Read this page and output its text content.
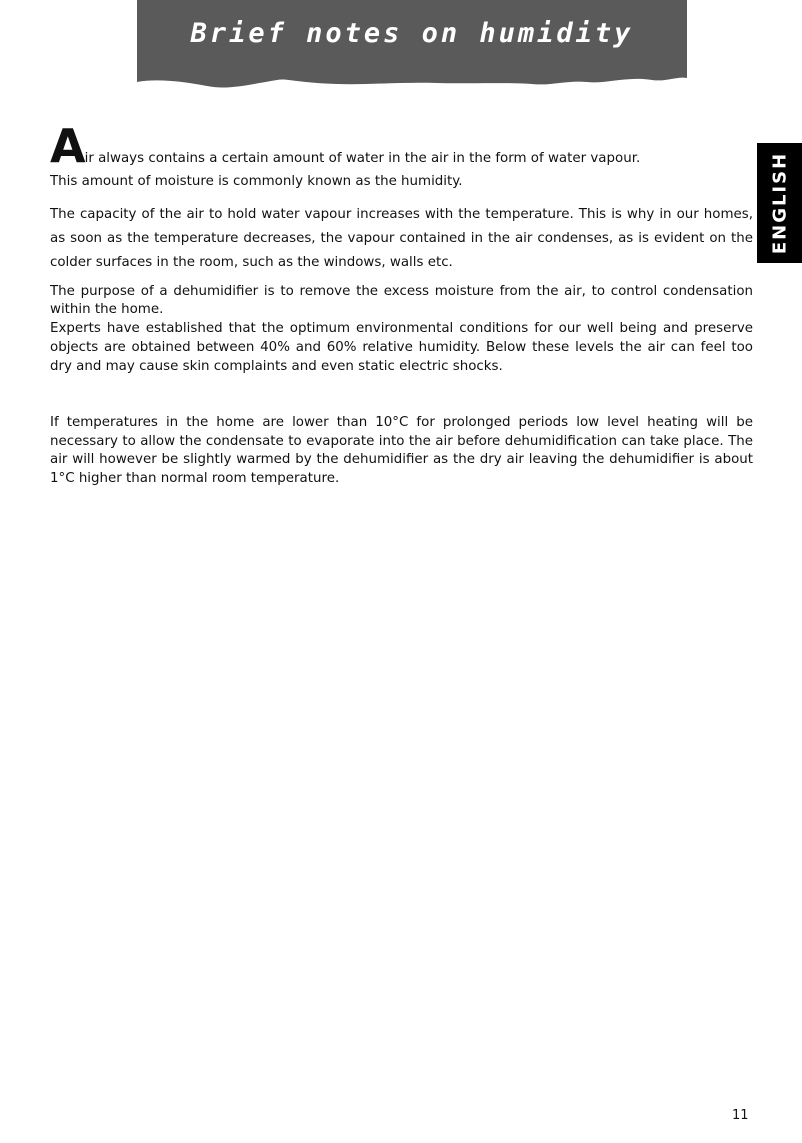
Brief notes on humidity
ENGLISH

Air always contains a certain amount of water in the air in the form of water vapour.
This amount of moisture is commonly known as the humidity.

The capacity of the air to hold water vapour increases with the temperature. This is why in our homes, as soon as the temperature decreases, the vapour contained in the air condenses, as is evident on the colder surfaces in the room, such as the windows, walls etc.

The purpose of a dehumidifier is to remove the excess moisture from the air, to control condensation within the home.

Experts have established that the optimum environmental conditions for our well being and preserve objects are obtained between 40% and 60% relative humidity. Below these levels the air can feel too dry and may cause skin complaints and even static electric shocks.

If temperatures in the home are lower than 10°C for prolonged periods low level heating will be necessary to allow the condensate to evaporate into the air before dehumidification can take place. The air will however be slightly warmed by the dehumidifier as the dry air leaving the dehumidifier is about 1°C higher than normal room temperature.

11
